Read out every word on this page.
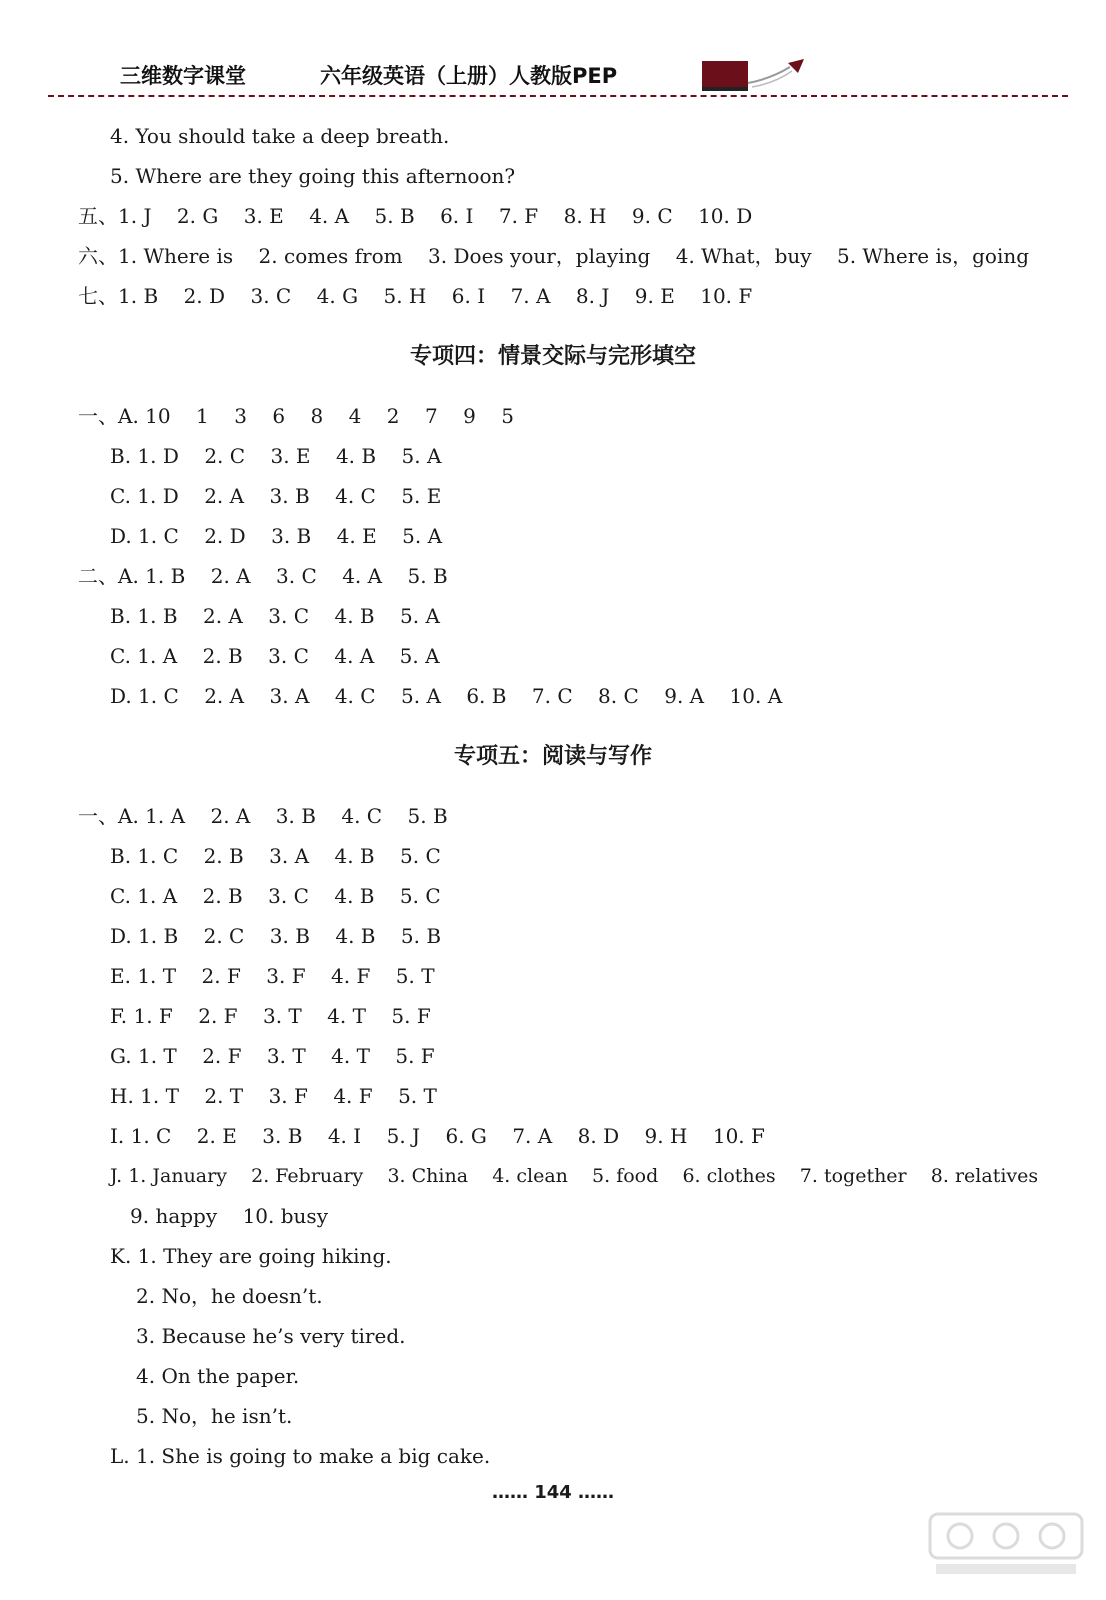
三维数字课堂	六年级英语（上册）人教版PEP
4. You should take a deep breath.
5. Where are they going this afternoon?
五、1. J    2. G    3. E    4. A    5. B    6. I    7. F    8. H    9. C    10. D
六、1. Where is    2. comes from    3. Does your，playing    4. What，buy    5. Where is，going
七、1. B    2. D    3. C    4. G    5. H    6. I    7. A    8. J    9. E    10. F
专项四：情景交际与完形填空
一、A. 10    1    3    6    8    4    2    7    9    5
B. 1. D    2. C    3. E    4. B    5. A
C. 1. D    2. A    3. B    4. C    5. E
D. 1. C    2. D    3. B    4. E    5. A
二、A. 1. B    2. A    3. C    4. A    5. B
B. 1. B    2. A    3. C    4. B    5. A
C. 1. A    2. B    3. C    4. A    5. A
D. 1. C    2. A    3. A    4. C    5. A    6. B    7. C    8. C    9. A    10. A
专项五：阅读与写作
一、A. 1. A    2. A    3. B    4. C    5. B
B. 1. C    2. B    3. A    4. B    5. C
C. 1. A    2. B    3. C    4. B    5. C
D. 1. B    2. C    3. B    4. B    5. B
E. 1. T    2. F    3. F    4. F    5. T
F. 1. F    2. F    3. T    4. T    5. F
G. 1. T    2. F    3. T    4. T    5. F
H. 1. T    2. T    3. F    4. F    5. T
I. 1. C    2. E    3. B    4. I    5. J    6. G    7. A    8. D    9. H    10. F
J. 1. January    2. February    3. China    4. clean    5. food    6. clothes    7. together    8. relatives
9. happy    10. busy
K. 1. They are going hiking.
2. No，he doesn’t.
3. Because he’s very tired.
4. On the paper.
5. No，he isn’t.
L. 1. She is going to make a big cake.
…… 144 ……
